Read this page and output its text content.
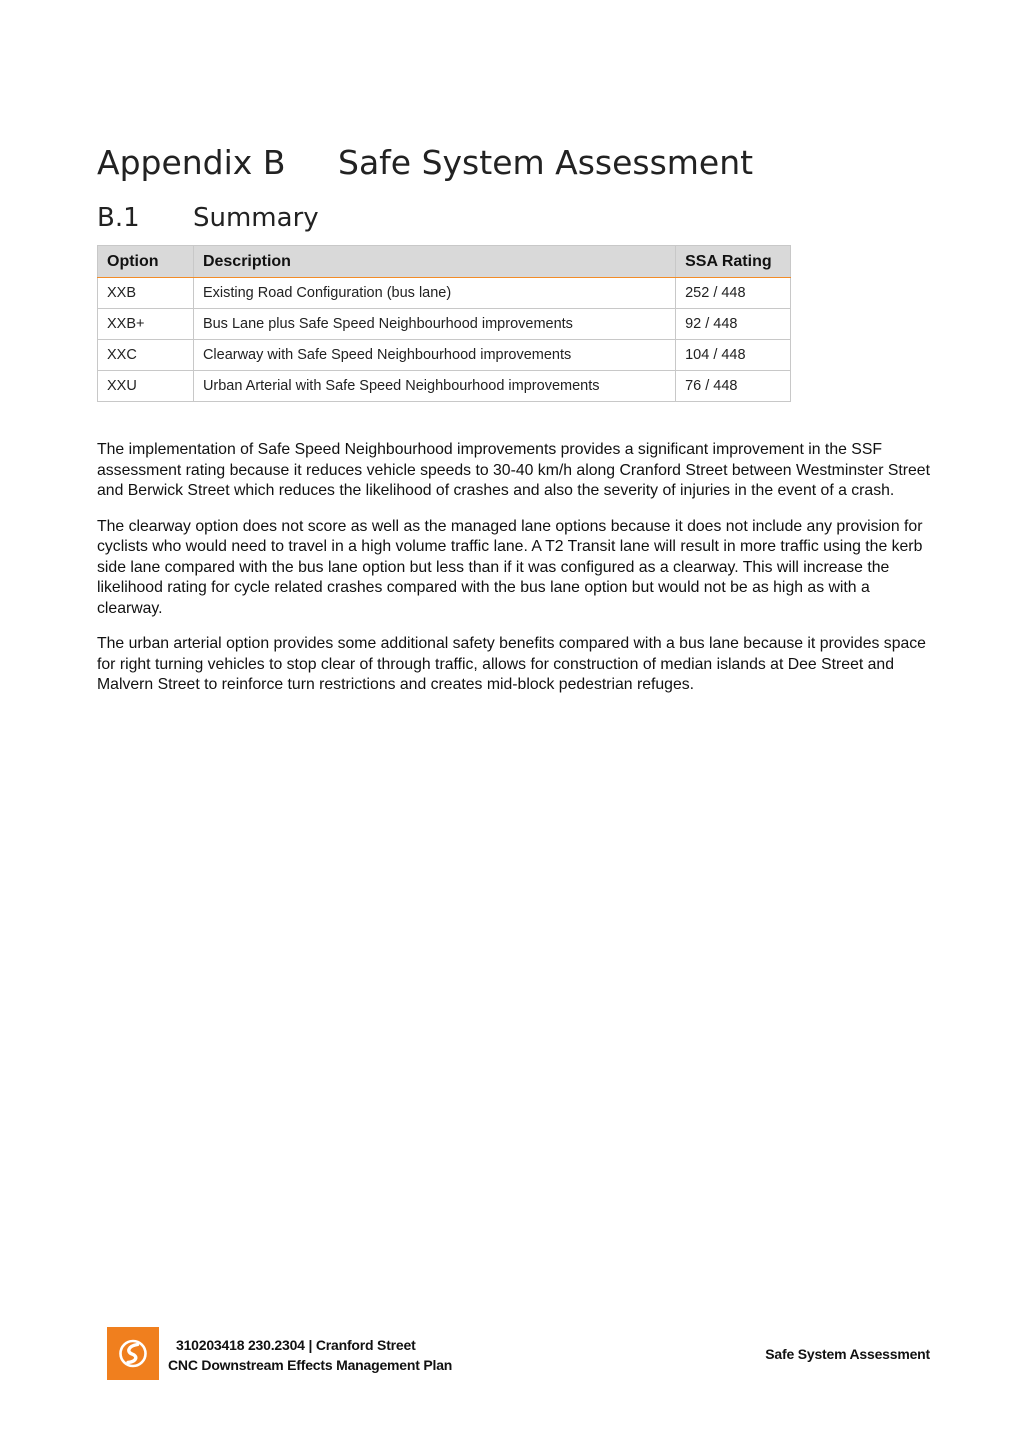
Appendix B Safe System Assessment
B.1 Summary
Option	Description	SSA Rating
XXB	Existing Road Configuration (bus lane)	252 / 448
XXB+	Bus Lane plus Safe Speed Neighbourhood improvements	92 / 448
XXC	Clearway with Safe Speed Neighbourhood improvements	104 / 448
XXU	Urban Arterial with Safe Speed Neighbourhood improvements	76 / 448

The implementation of Safe Speed Neighbourhood improvements provides a significant improvement in the SSF assessment rating because it reduces vehicle speeds to 30-40 km/h along Cranford Street between Westminster Street and Berwick Street which reduces the likelihood of crashes and also the severity of injuries in the event of a crash.

The clearway option does not score as well as the managed lane options because it does not include any provision for cyclists who would need to travel in a high volume traffic lane. A T2 Transit lane will result in more traffic using the kerb side lane compared with the bus lane option but less than if it was configured as a clearway. This will increase the likelihood rating for cycle related crashes compared with the bus lane option but would not be as high as with a clearway.

The urban arterial option provides some additional safety benefits compared with a bus lane because it provides space for right turning vehicles to stop clear of through traffic, allows for construction of median islands at Dee Street and Malvern Street to reinforce turn restrictions and creates mid-block pedestrian refuges.

310203418 230.2304 | Cranford Street
CNC Downstream Effects Management Plan
Safe System Assessment
